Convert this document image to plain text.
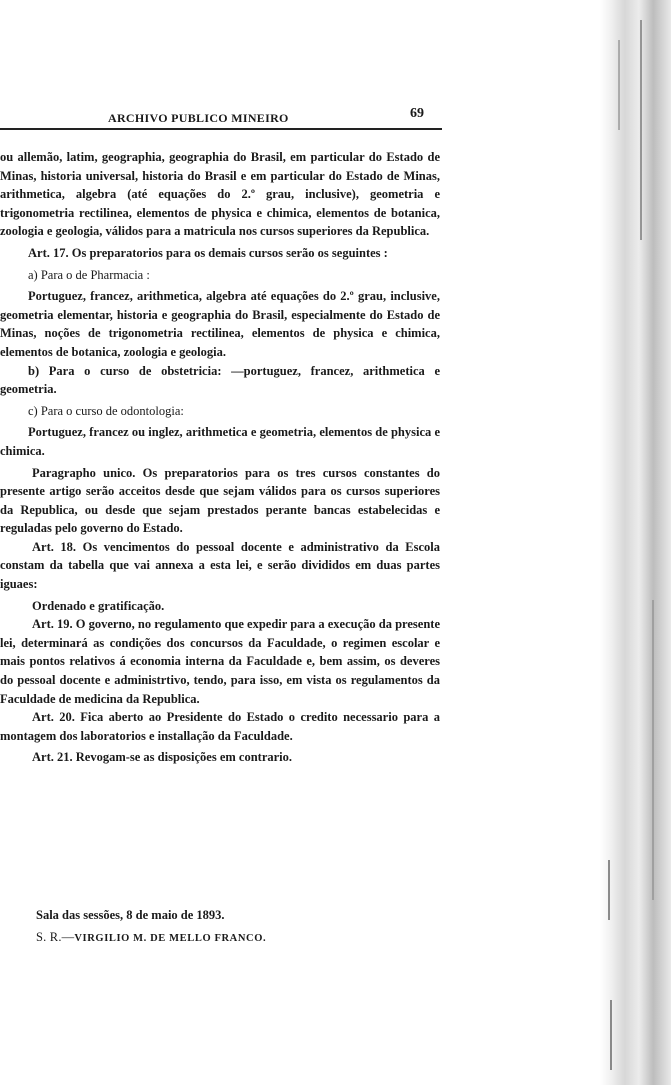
ARCHIVO PUBLICO MINEIRO	69

ou allemão, latim, geographia, geographia do Brasil, em particular do Estado de Minas, historia universal, historia do Brasil e em particular do Estado de Minas, arithmetica, algebra (até equações do 2.º grau, inclusive), geometria e trigonometria rectilinea, elementos de physica e chimica, elementos de botanica, zoologia e geologia, válidos para a matricula nos cursos superiores da Republica.

Art. 17. Os preparatorios para os demais cursos serão os seguintes :

a) Para o de Pharmacia :

Portuguez, francez, arithmetica, algebra até equações do 2.º grau, inclusive, geometria elementar, historia e geographia do Brasil, especialmente do Estado de Minas, noções de trigonometria rectilinea, elementos de physica e chimica, elementos de botanica, zoologia e geologia.

b) Para o curso de obstetricia: —portuguez, francez, arithmetica e geometria.

c) Para o curso de odontologia:

Portuguez, francez ou inglez, arithmetica e geometria, elementos de physica e chimica.

Paragrapho unico. Os preparatorios para os tres cursos constantes do presente artigo serão acceitos desde que sejam válidos para os cursos superiores da Republica, ou desde que sejam prestados perante bancas estabelecidas e reguladas pelo governo do Estado.

Art. 18. Os vencimentos do pessoal docente e administrativo da Escola constam da tabella que vai annexa a esta lei, e serão divididos em duas partes iguaes:

Ordenado e gratificação.

Art. 19. O governo, no regulamento que expedir para a execução da presente lei, determinará as condições dos concursos da Faculdade, o regimen escolar e mais pontos relativos á economia interna da Faculdade e, bem assim, os deveres do pessoal docente e administrtivo, tendo, para isso, em vista os regulamentos da Faculdade de medicina da Republica.

Art. 20. Fica aberto ao Presidente do Estado o credito necessario para a montagem dos laboratorios e installação da Faculdade.

Art. 21. Revogam-se as disposições em contrario.

Sala das sessões, 8 de maio de 1893.
S. R.—VIRGILIO M. DE MELLO FRANCO.
